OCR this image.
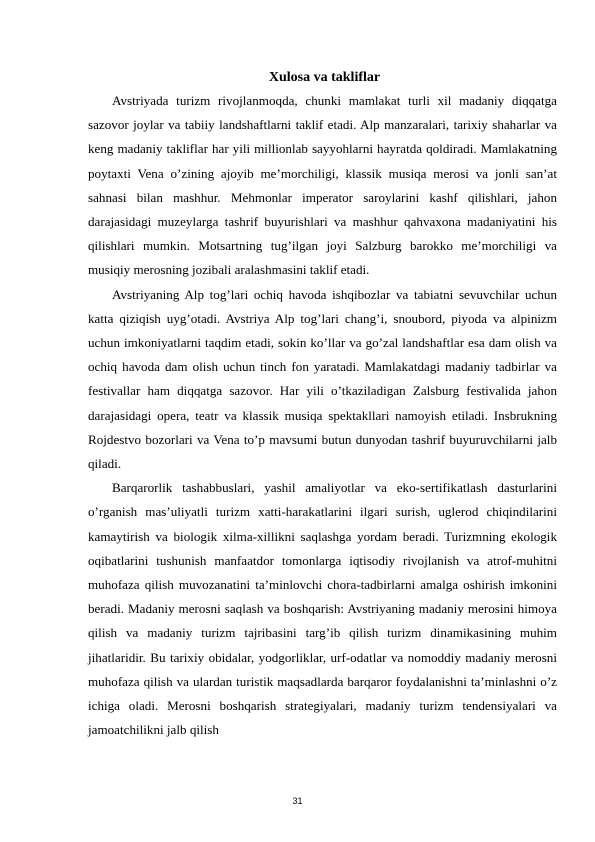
Xulosa va takliflar

Avstriyada turizm rivojlanmoqda, chunki mamlakat turli xil madaniy diqqatga sazovor joylar va tabiiy landshaftlarni taklif etadi. Alp manzaralari, tarixiy shaharlar va keng madaniy takliflar har yili millionlab sayyohlarni hayratda qoldiradi. Mamlakatning poytaxti Vena o’zining ajoyib me’morchiligi, klassik musiqa merosi va jonli san’at sahnasi bilan mashhur. Mehmonlar imperator saroylarini kashf qilishlari, jahon darajasidagi muzeylarga tashrif buyurishlari va mashhur qahvaxona madaniyatini his qilishlari mumkin. Motsartning tug’ilgan joyi Salzburg barokko me’morchiligi va musiqiy merosning jozibali aralashmasini taklif etadi.

Avstriyaning Alp tog’lari ochiq havoda ishqibozlar va tabiatni sevuvchilar uchun katta qiziqish uyg’otadi. Avstriya Alp tog’lari chang’i, snoubord, piyoda va alpinizm uchun imkoniyatlarni taqdim etadi, sokin ko’llar va go’zal landshaftlar esa dam olish va ochiq havoda dam olish uchun tinch fon yaratadi. Mamlakatdagi madaniy tadbirlar va festivallar ham diqqatga sazovor. Har yili o’tkaziladigan Zalsburg festivalida jahon darajasidagi opera, teatr va klassik musiqa spektakllari namoyish etiladi. Insbrukning Rojdestvo bozorlari va Vena to’p mavsumi butun dunyodan tashrif buyuruvchilarni jalb qiladi.

Barqarorlik tashabbuslari, yashil amaliyotlar va eko-sertifikatlash dasturlarini o’rganish mas’uliyatli turizm xatti-harakatlarini ilgari surish, uglerod chiqindilarini kamaytirish va biologik xilma-xillikni saqlashga yordam beradi. Turizmning ekologik oqibatlarini tushunish manfaatdor tomonlarga iqtisodiy rivojlanish va atrof-muhitni muhofaza qilish muvozanatini ta’minlovchi chora-tadbirlarni amalga oshirish imkonini beradi. Madaniy merosni saqlash va boshqarish: Avstriyaning madaniy merosini himoya qilish va madaniy turizm tajribasini targ’ib qilish turizm dinamikasining muhim jihatlaridir. Bu tarixiy obidalar, yodgorliklar, urf-odatlar va nomoddiy madaniy merosni muhofaza qilish va ulardan turistik maqsadlarda barqaror foydalanishni ta’minlashni o’z ichiga oladi. Merosni boshqarish strategiyalari, madaniy turizm tendensiyalari va jamoatchilikni jalb qilish

31
